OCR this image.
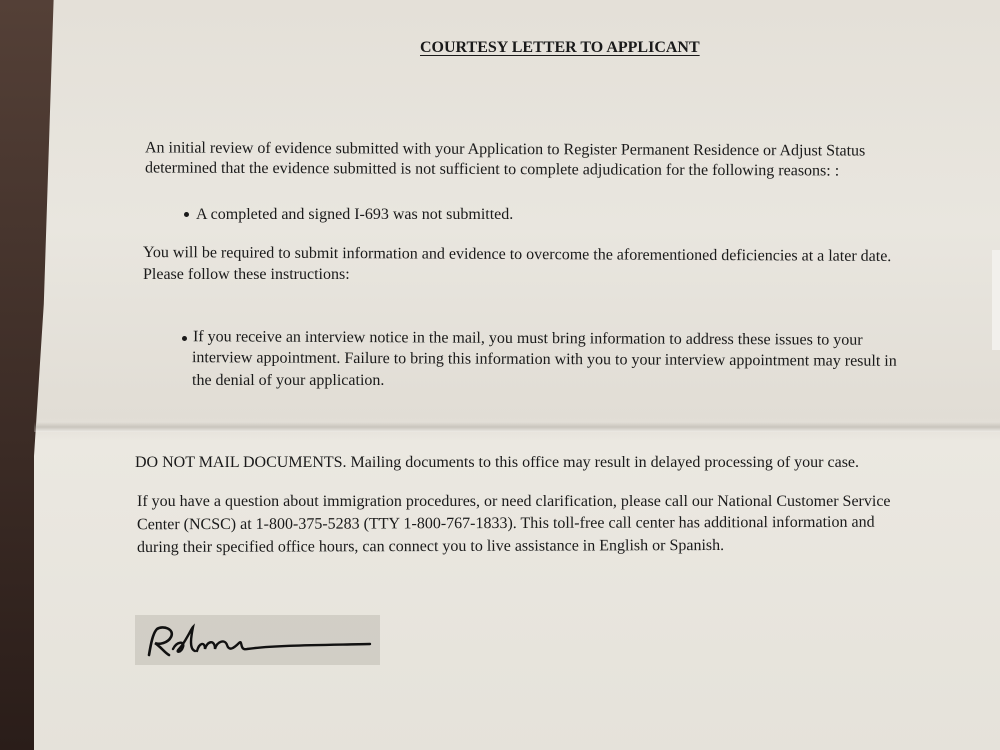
COURTESY LETTER TO APPLICANT
An initial review of evidence submitted with your Application to Register Permanent Residence or Adjust Status
determined that the evidence submitted is not sufficient to complete adjudication for the following reasons: :
A completed and signed I-693 was not submitted.
You will be required to submit information and evidence to overcome the aforementioned deficiencies at a later date.
Please follow these instructions:
If you receive an interview notice in the mail, you must bring information to address these issues to your
interview appointment. Failure to bring this information with you to your interview appointment may result in
the denial of your application.
DO NOT MAIL DOCUMENTS. Mailing documents to this office may result in delayed processing of your case.
If you have a question about immigration procedures, or need clarification, please call our National Customer Service
Center (NCSC) at 1-800-375-5283 (TTY 1-800-767-1833). This toll-free call center has additional information and
during their specified office hours, can connect you to live assistance in English or Spanish.
